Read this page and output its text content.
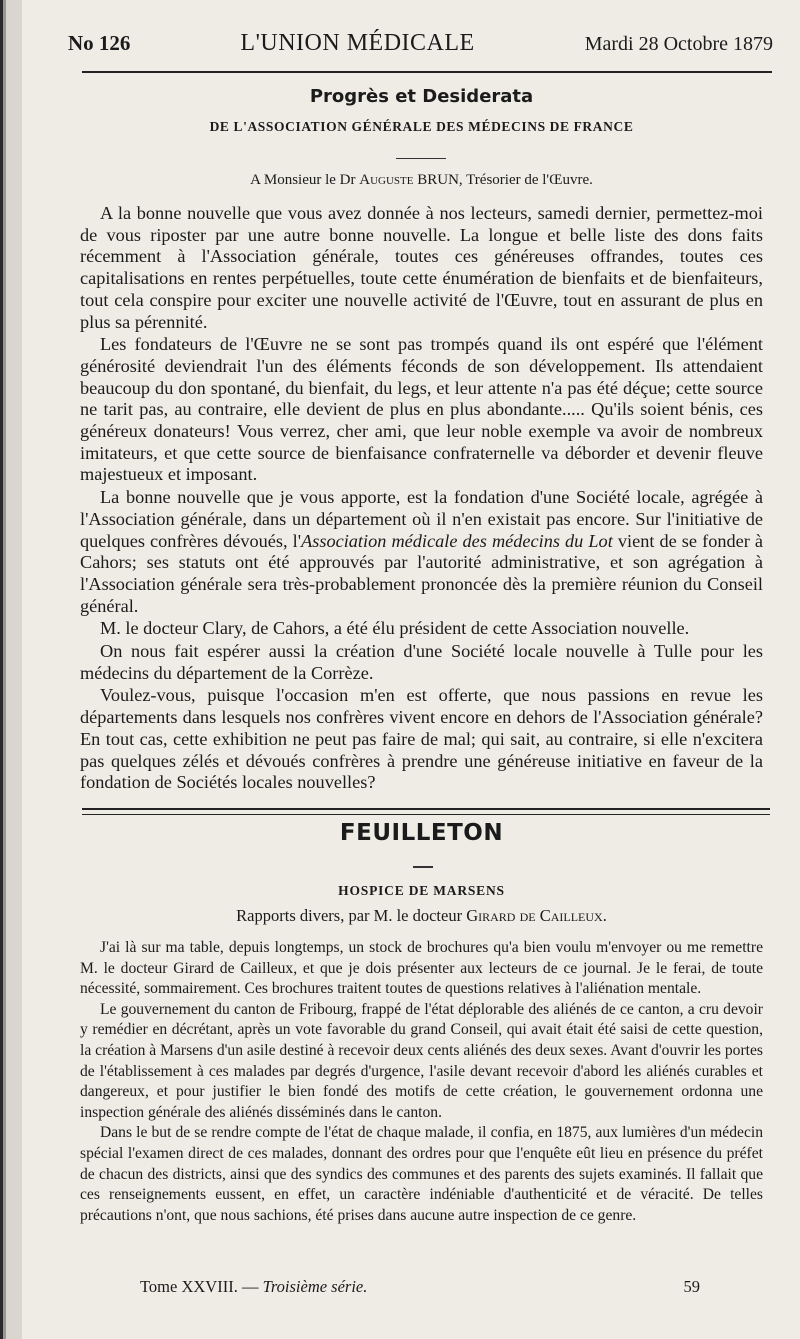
No 126	L'UNION MÉDICALE	Mardi 28 Octobre 1879
Progrès et Desiderata
DE L'ASSOCIATION GÉNÉRALE DES MÉDECINS DE FRANCE
A Monsieur le Dr Auguste BRUN, Trésorier de l'Œuvre.

A la bonne nouvelle que vous avez donnée à nos lecteurs, samedi dernier, permettez-moi de vous riposter par une autre bonne nouvelle. La longue et belle liste des dons faits récemment à l'Association générale, toutes ces généreuses offrandes, toutes ces capitalisations en rentes perpétuelles, toute cette énumération de bienfaits et de bienfaiteurs, tout cela conspire pour exciter une nouvelle activité de l'Œuvre, tout en assurant de plus en plus sa pérennité.

Les fondateurs de l'Œuvre ne se sont pas trompés quand ils ont espéré que l'élément générosité deviendrait l'un des éléments féconds de son développement. Ils attendaient beaucoup du don spontané, du bienfait, du legs, et leur attente n'a pas été déçue; cette source ne tarit pas, au contraire, elle devient de plus en plus abondante..... Qu'ils soient bénis, ces généreux donateurs! Vous verrez, cher ami, que leur noble exemple va avoir de nombreux imitateurs, et que cette source de bienfaisance confraternelle va déborder et devenir fleuve majestueux et imposant.

La bonne nouvelle que je vous apporte, est la fondation d'une Société locale, agrégée à l'Association générale, dans un département où il n'en existait pas encore. Sur l'initiative de quelques confrères dévoués, l'Association médicale des médecins du Lot vient de se fonder à Cahors; ses statuts ont été approuvés par l'autorité administrative, et son agrégation à l'Association générale sera très-probablement prononcée dès la première réunion du Conseil général.

M. le docteur Clary, de Cahors, a été élu président de cette Association nouvelle.

On nous fait espérer aussi la création d'une Société locale nouvelle à Tulle pour les médecins du département de la Corrèze.

Voulez-vous, puisque l'occasion m'en est offerte, que nous passions en revue les départements dans lesquels nos confrères vivent encore en dehors de l'Association générale? En tout cas, cette exhibition ne peut pas faire de mal; qui sait, au contraire, si elle n'excitera pas quelques zélés et dévoués confrères à prendre une généreuse initiative en faveur de la fondation de Sociétés locales nouvelles?

FEUILLETON
HOSPICE DE MARSENS
Rapports divers, par M. le docteur Girard de Cailleux.

J'ai là sur ma table, depuis longtemps, un stock de brochures qu'a bien voulu m'envoyer ou me remettre M. le docteur Girard de Cailleux, et que je dois présenter aux lecteurs de ce journal. Je le ferai, de toute nécessité, sommairement. Ces brochures traitent toutes de questions relatives à l'aliénation mentale.

Le gouvernement du canton de Fribourg, frappé de l'état déplorable des aliénés de ce canton, a cru devoir y remédier en décrétant, après un vote favorable du grand Conseil, qui avait était été saisi de cette question, la création à Marsens d'un asile destiné à recevoir deux cents aliénés des deux sexes. Avant d'ouvrir les portes de l'établissement à ces malades par degrés d'urgence, l'asile devant recevoir d'abord les aliénés curables et dangereux, et pour justifier le bien fondé des motifs de cette création, le gouvernement ordonna une inspection générale des aliénés disséminés dans le canton.

Dans le but de se rendre compte de l'état de chaque malade, il confia, en 1875, aux lumières d'un médecin spécial l'examen direct de ces malades, donnant des ordres pour que l'enquête eût lieu en présence du préfet de chacun des districts, ainsi que des syndics des communes et des parents des sujets examinés. Il fallait que ces renseignements eussent, en effet, un caractère indéniable d'authenticité et de véracité. De telles précautions n'ont, que nous sachions, été prises dans aucune autre inspection de ce genre.

Tome XXVIII. — Troisième série.	59
